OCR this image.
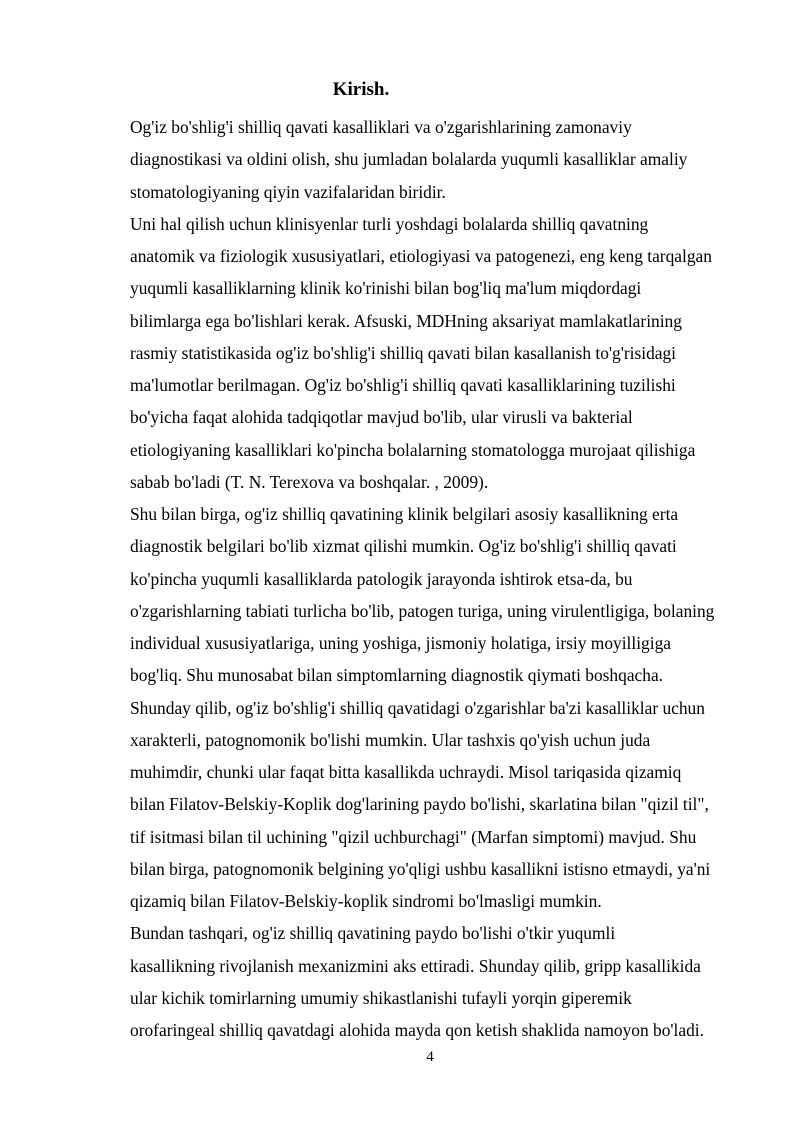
Kirish.

Og'iz bo'shlig'i shilliq qavati kasalliklari va o'zgarishlarining zamonaviy
diagnostikasi va oldini olish, shu jumladan bolalarda yuqumli kasalliklar amaliy
stomatologiyaning qiyin vazifalaridan biridir.

Uni hal qilish uchun klinisyenlar turli yoshdagi bolalarda shilliq qavatning
anatomik va fiziologik xususiyatlari, etiologiyasi va patogenezi, eng keng tarqalgan
yuqumli kasalliklarning klinik ko'rinishi bilan bog'liq ma'lum miqdordagi
bilimlarga ega bo'lishlari kerak. Afsuski, MDHning aksariyat mamlakatlarining
rasmiy statistikasida og'iz bo'shlig'i shilliq qavati bilan kasallanish to'g'risidagi
ma'lumotlar berilmagan. Og'iz bo'shlig'i shilliq qavati kasalliklarining tuzilishi
bo'yicha faqat alohida tadqiqotlar mavjud bo'lib, ular virusli va bakterial
etiologiyaning kasalliklari ko'pincha bolalarning stomatologga murojaat qilishiga
sabab bo'ladi (T. N. Terexova va boshqalar. , 2009).

Shu bilan birga, og'iz shilliq qavatining klinik belgilari asosiy kasallikning erta
diagnostik belgilari bo'lib xizmat qilishi mumkin. Og'iz bo'shlig'i shilliq qavati
ko'pincha yuqumli kasalliklarda patologik jarayonda ishtirok etsa-da, bu
o'zgarishlarning tabiati turlicha bo'lib, patogen turiga, uning virulentligiga, bolaning
individual xususiyatlariga, uning yoshiga, jismoniy holatiga, irsiy moyilligiga
bog'liq. Shu munosabat bilan simptomlarning diagnostik qiymati boshqacha.
Shunday qilib, og'iz bo'shlig'i shilliq qavatidagi o'zgarishlar ba'zi kasalliklar uchun
xarakterli, patognomonik bo'lishi mumkin. Ular tashxis qo'yish uchun juda
muhimdir, chunki ular faqat bitta kasallikda uchraydi. Misol tariqasida qizamiq
bilan Filatov-Belskiy-Koplik dog'larining paydo bo'lishi, skarlatina bilan "qizil til",
tif isitmasi bilan til uchining "qizil uchburchagi" (Marfan simptomi) mavjud. Shu
bilan birga, patognomonik belgining yo'qligi ushbu kasallikni istisno etmaydi, ya'ni
qizamiq bilan Filatov-Belskiy-koplik sindromi bo'lmasligi mumkin.

Bundan tashqari, og'iz shilliq qavatining paydo bo'lishi o'tkir yuqumli
kasallikning rivojlanish mexanizmini aks ettiradi. Shunday qilib, gripp kasallikida
ular kichik tomirlarning umumiy shikastlanishi tufayli yorqin giperemik
orofaringeal shilliq qavatdagi alohida mayda qon ketish shaklida namoyon bo'ladi.

4
